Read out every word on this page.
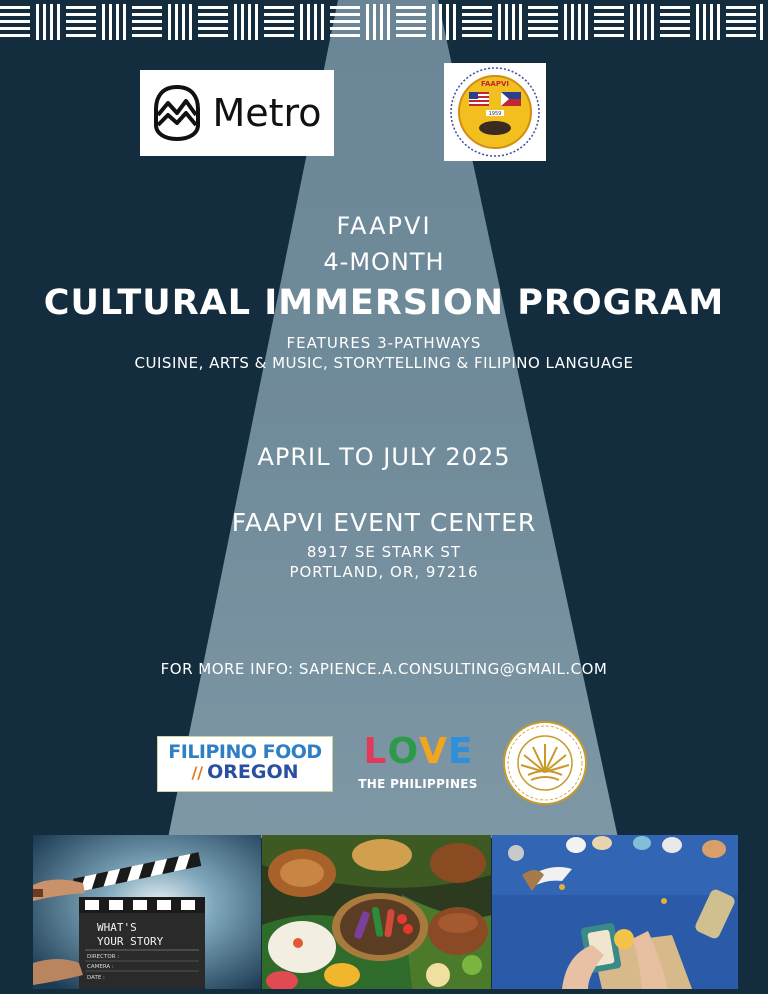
Metro	1959
FAAPVI
FAAPVI
4-MONTH
CULTURAL IMMERSION PROGRAM
FEATURES 3-PATHWAYS
CUISINE, ARTS & MUSIC, STORYTELLING & FILIPINO LANGUAGE
APRIL TO JULY 2025
FAAPVI EVENT CENTER
8917 SE STARK ST
PORTLAND, OR, 97216
FOR MORE INFO: SAPIENCE.A.CONSULTING@GMAIL.COM
FILIPINO FOOD
// OREGON	L O V E
THE PHILIPPINES
WHAT'S
YOUR STORY
DIRECTOR :
CAMERA :
DATE :
